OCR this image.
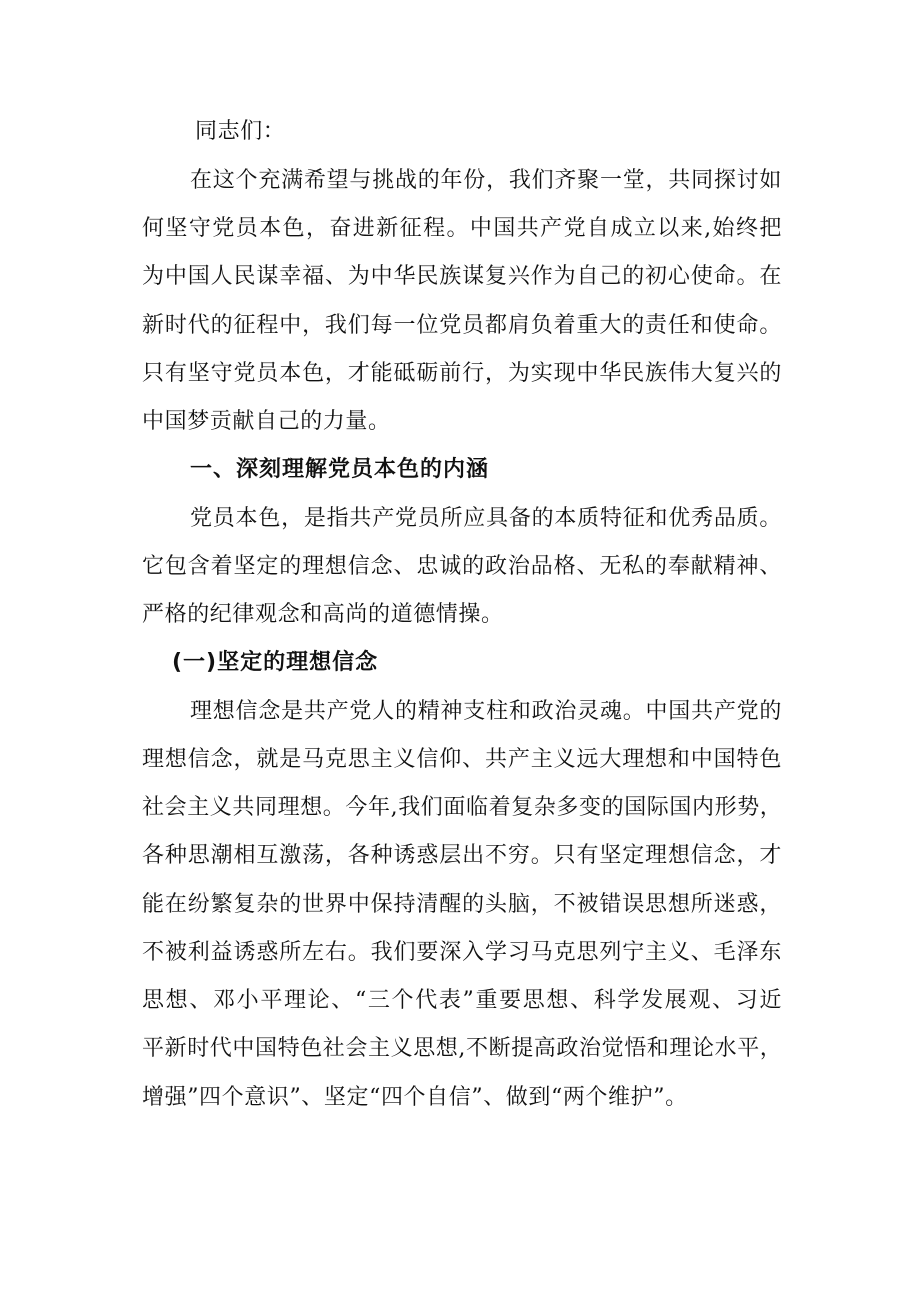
同志们：
在这个充满希望与挑战的年份，我们齐聚一堂，共同探讨如
何坚守党员本色，奋进新征程。中国共产党自成立以来,始终把
为中国人民谋幸福、为中华民族谋复兴作为自己的初心使命。在
新时代的征程中，我们每一位党员都肩负着重大的责任和使命。
只有坚守党员本色，才能砥砺前行，为实现中华民族伟大复兴的
中国梦贡献自己的力量。
一、深刻理解党员本色的内涵
党员本色，是指共产党员所应具备的本质特征和优秀品质。
它包含着坚定的理想信念、忠诚的政治品格、无私的奉献精神、
严格的纪律观念和高尚的道德情操。
(一)坚定的理想信念
理想信念是共产党人的精神支柱和政治灵魂。中国共产党的
理想信念，就是马克思主义信仰、共产主义远大理想和中国特色
社会主义共同理想。今年,我们面临着复杂多变的国际国内形势，
各种思潮相互激荡，各种诱惑层出不穷。只有坚定理想信念，才
能在纷繁复杂的世界中保持清醒的头脑，不被错误思想所迷惑，
不被利益诱惑所左右。我们要深入学习马克思列宁主义、毛泽东
思想、邓小平理论、“三个代表”重要思想、科学发展观、习近
平新时代中国特色社会主义思想,不断提高政治觉悟和理论水平，
增强”四个意识”、坚定“四个自信”、做到“两个维护”。
